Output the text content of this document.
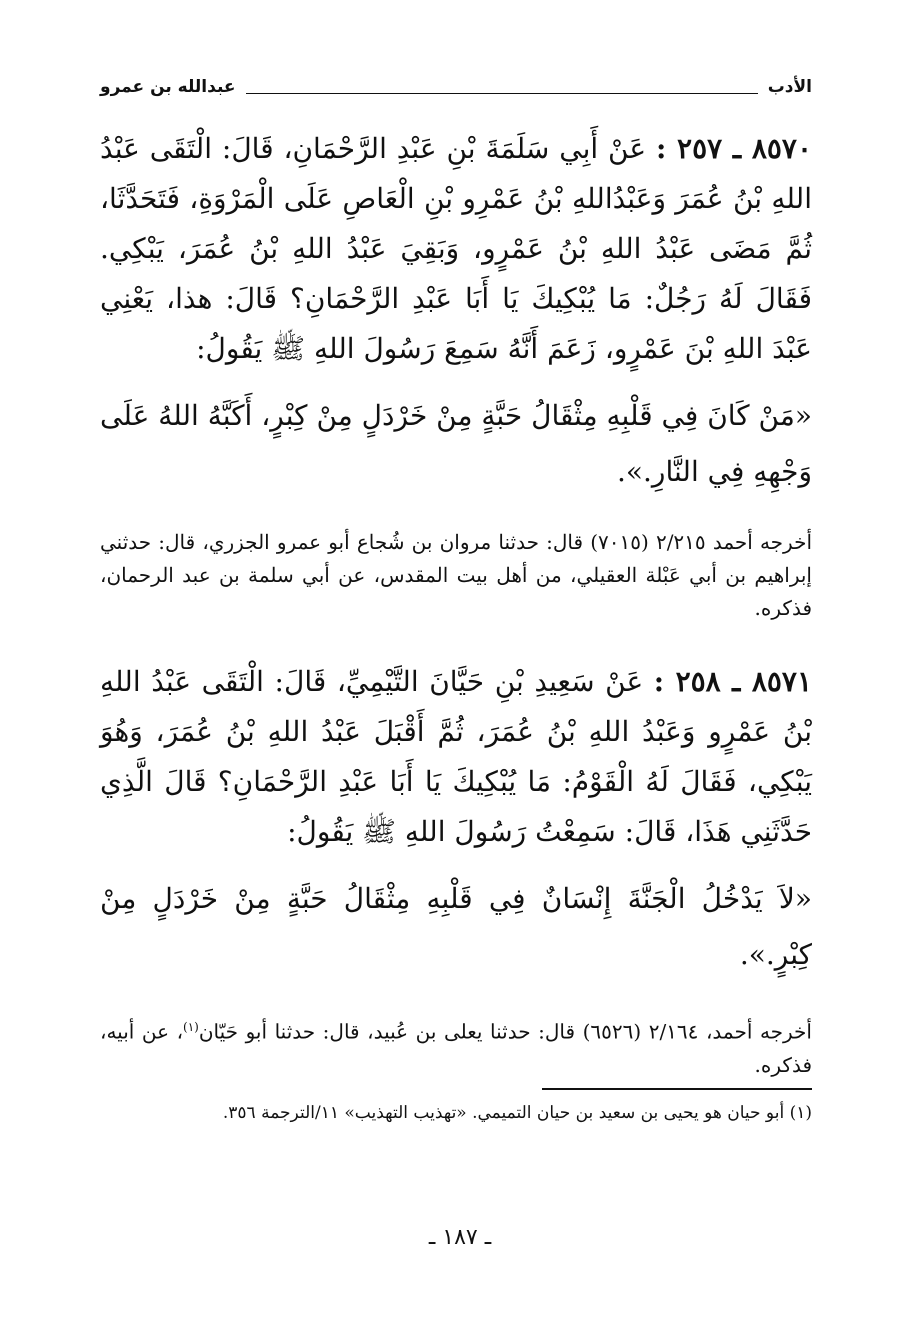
الأدب
عبدالله بن عمرو

٨٥٧٠ ـ ٢٥٧ : عَنْ أَبِي سَلَمَةَ بْنِ عَبْدِ الرَّحْمَانِ، قَالَ: الْتَقَى عَبْدُ اللهِ بْنُ عُمَرَ وَعَبْدُاللهِ بْنُ عَمْرِو بْنِ الْعَاصِ عَلَى الْمَرْوَةِ، فَتَحَدَّثَا، ثُمَّ مَضَى عَبْدُ اللهِ بْنُ عَمْرٍو، وَبَقِيَ عَبْدُ اللهِ بْنُ عُمَرَ، يَبْكِي. فَقَالَ لَهُ رَجُلٌ: مَا يُبْكِيكَ يَا أَبَا عَبْدِ الرَّحْمَانِ؟ قَالَ: هذا، يَعْنِي عَبْدَ اللهِ بْنَ عَمْرٍو، زَعَمَ أَنَّهُ سَمِعَ رَسُولَ اللهِ ﷺ يَقُولُ:

«مَنْ كَانَ فِي قَلْبِهِ مِثْقَالُ حَبَّةٍ مِنْ خَرْدَلٍ مِنْ كِبْرٍ، أَكَبَّهُ اللهُ عَلَى وَجْهِهِ فِي النَّارِ.».

أخرجه أحمد ٢/٢١٥ (٧٠١٥) قال: حدثنا مروان بن شُجاع أبو عمرو الجزري، قال: حدثني إبراهيم بن أبي عَبْلة العقيلي، من أهل بيت المقدس، عن أبي سلمة بن عبد الرحمان، فذكره.

٨٥٧١ ـ ٢٥٨ : عَنْ سَعِيدِ بْنِ حَيَّانَ التَّيْمِيِّ، قَالَ: الْتَقَى عَبْدُ اللهِ بْنُ عَمْرٍو وَعَبْدُ اللهِ بْنُ عُمَرَ، ثُمَّ أَقْبَلَ عَبْدُ اللهِ بْنُ عُمَرَ، وَهُوَ يَبْكِي، فَقَالَ لَهُ الْقَوْمُ: مَا يُبْكِيكَ يَا أَبَا عَبْدِ الرَّحْمَانِ؟ قَالَ الَّذِي حَدَّثَنِي هَذَا، قَالَ: سَمِعْتُ رَسُولَ اللهِ ﷺ يَقُولُ:

«لاَ يَدْخُلُ الْجَنَّةَ إِنْسَانٌ فِي قَلْبِهِ مِثْقَالُ حَبَّةٍ مِنْ خَرْدَلٍ مِنْ كِبْرٍ.».

أخرجه أحمد، ٢/١٦٤ (٦٥٢٦) قال: حدثنا يعلى بن عُبيد، قال: حدثنا أبو حَيّان$^{(١)}$، عن أبيه، فذكره.

(١) أبو حيان هو يحيى بن سعيد بن حيان التميمي. «تهذيب التهذيب» ١١/الترجمة ٣٥٦.

ـ ١٨٧ ـ
